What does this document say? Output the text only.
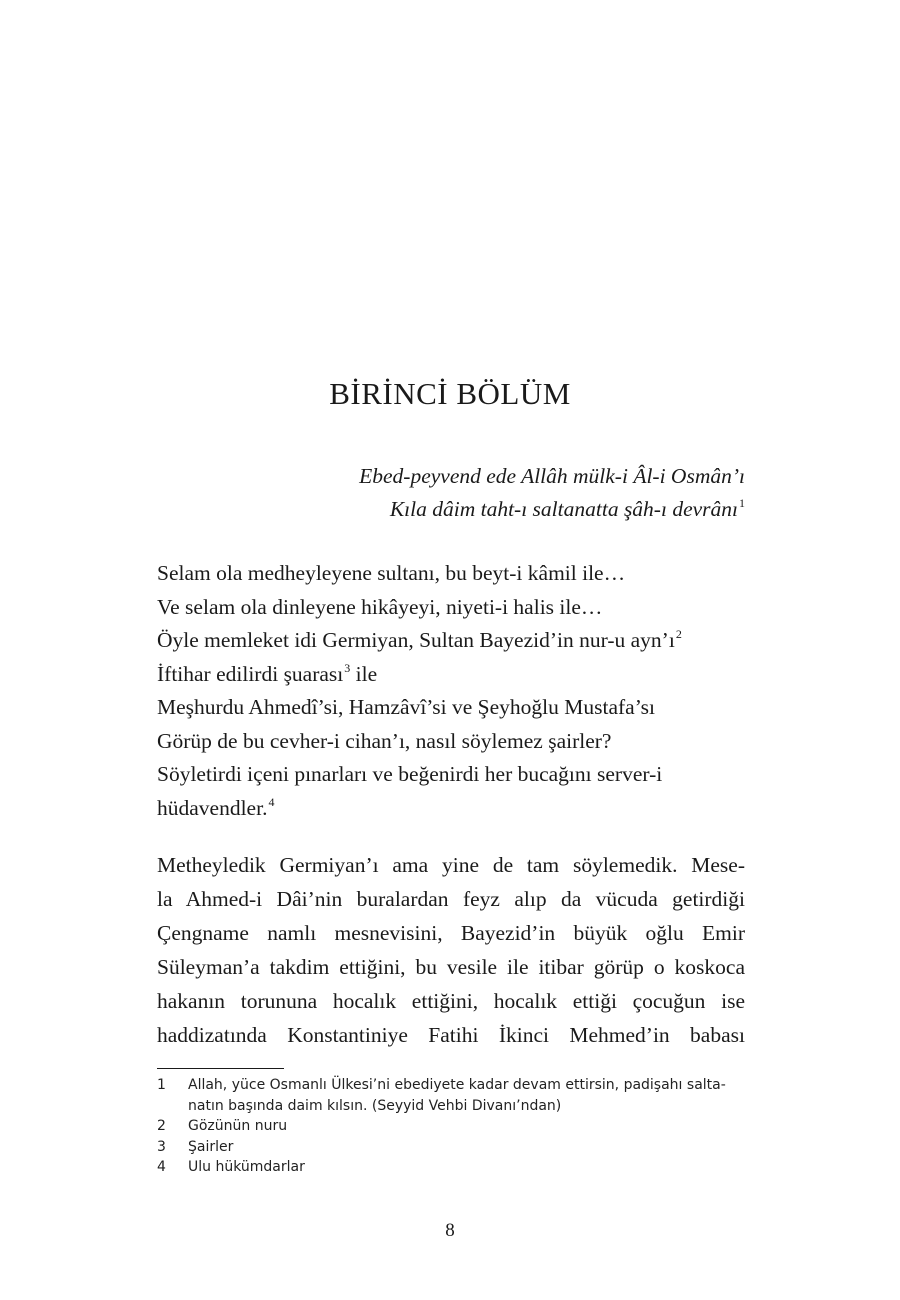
BİRİNCİ BÖLÜM
Ebed-peyvend ede Allâh mülk-i Âl-i Osmân’ı
Kıla dâim taht-ı saltanatta şâh-ı devrânı$^1$
Selam ola medheyleyene sultanı, bu beyt-i kâmil ile…
Ve selam ola dinleyene hikâyeyi, niyeti-i halis ile…
Öyle memleket idi Germiyan, Sultan Bayezid’in nur-u $ayn’ı^2$
İftihar edilirdi şuarası$^3$ ile
Meşhurdu Ahmedî’si, Hamzâvî’si ve Şeyhoğlu Mustafa’sı
Görüp de bu cevher-i cihan’ı, nasıl söylemez şairler?
Söyletirdi içeni pınarları ve beğenirdi her bucağını server-i
hüdavendler.$^4$
Metheyledik Germiyan’ı ama yine de tam söylemedik. Mese-
la Ahmed-i Dâi’nin buralardan feyz alıp da vücuda getirdiği
Çengname namlı mesnevisini, Bayezid’in büyük oğlu Emir
Süleyman’a takdim ettiğini, bu vesile ile itibar görüp o koskoca
hakanın torununa hocalık ettiğini, hocalık ettiği çocuğun ise
haddizatında Konstantiniye Fatihi İkinci Mehmed’in babası
1	Allah, yüce Osmanlı Ülkesi’ni ebediyete kadar devam ettirsin, padişahı salta-
natın başında daim kılsın. (Seyyid Vehbi Divanı’ndan)
2	Gözünün nuru
3	Şairler
4	Ulu hükümdarlar
8
